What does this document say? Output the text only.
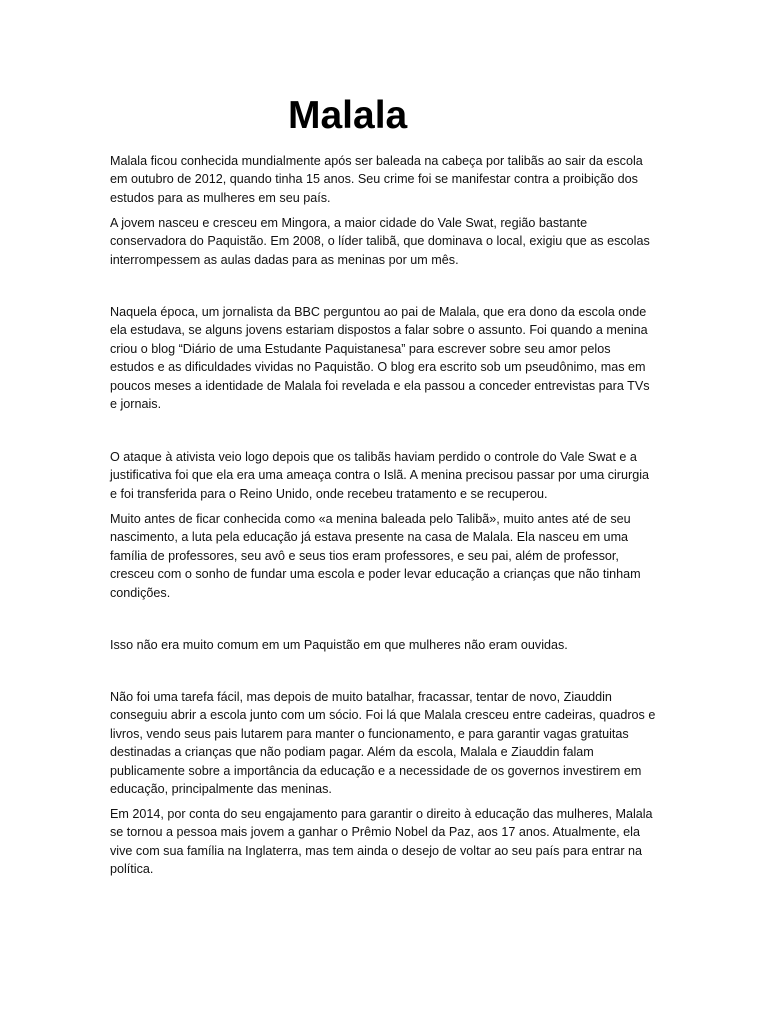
Malala

Malala ficou conhecida mundialmente após ser baleada na cabeça por talibãs ao sair da escola em outubro de 2012, quando tinha 15 anos. Seu crime foi se manifestar contra a proibição dos estudos para as mulheres em seu país.

A jovem nasceu e cresceu em Mingora, a maior cidade do Vale Swat, região bastante conservadora do Paquistão. Em 2008, o líder talibã, que dominava o local, exigiu que as escolas interrompessem as aulas dadas para as meninas por um mês.

Naquela época, um jornalista da BBC perguntou ao pai de Malala, que era dono da escola onde ela estudava, se alguns jovens estariam dispostos a falar sobre o assunto. Foi quando a menina criou o blog “Diário de uma Estudante Paquistanesa” para escrever sobre seu amor pelos estudos e as dificuldades vividas no Paquistão. O blog era escrito sob um pseudônimo, mas em poucos meses a identidade de Malala foi revelada e ela passou a conceder entrevistas para TVs e jornais.

O ataque à ativista veio logo depois que os talibãs haviam perdido o controle do Vale Swat e a justificativa foi que ela era uma ameaça contra o Islã. A menina precisou passar por uma cirurgia e foi transferida para o Reino Unido, onde recebeu tratamento e se recuperou.

Muito antes de ficar conhecida como «a menina baleada pelo Talibã», muito antes até de seu nascimento, a luta pela educação já estava presente na casa de Malala. Ela nasceu em uma família de professores, seu avô e seus tios eram professores, e seu pai, além de professor, cresceu com o sonho de fundar uma escola e poder levar educação a crianças que não tinham condições.

Isso não era muito comum em um Paquistão em que mulheres não eram ouvidas.

Não foi uma tarefa fácil, mas depois de muito batalhar, fracassar, tentar de novo, Ziauddin conseguiu abrir a escola junto com um sócio. Foi lá que Malala cresceu entre cadeiras, quadros e livros, vendo seus pais lutarem para manter o funcionamento, e para garantir vagas gratuitas destinadas a crianças que não podiam pagar. Além da escola, Malala e Ziauddin falam publicamente sobre a importância da educação e a necessidade de os governos investirem em educação, principalmente das meninas.

Em 2014, por conta do seu engajamento para garantir o direito à educação das mulheres, Malala se tornou a pessoa mais jovem a ganhar o Prêmio Nobel da Paz, aos 17 anos. Atualmente, ela vive com sua família na Inglaterra, mas tem ainda o desejo de voltar ao seu país para entrar na política.
